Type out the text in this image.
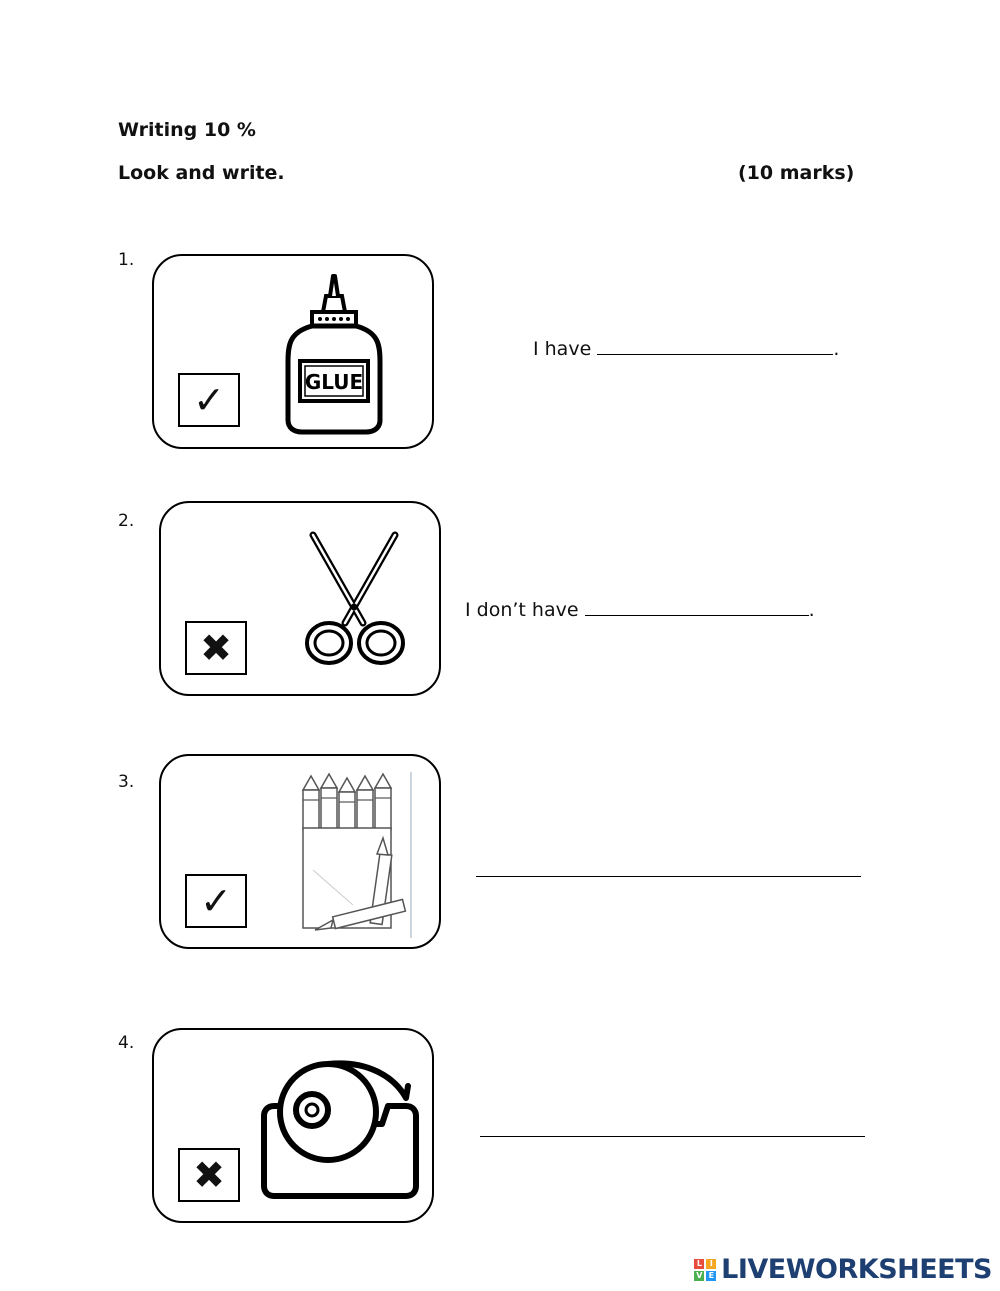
Writing 10 %
Look and write.	(10 marks)
1.
✓	GLUE
I have	.
2.
✖
I don’t have	.
3.
✓
4.
✖
L	I
V E LIVEWORKSHEETS
